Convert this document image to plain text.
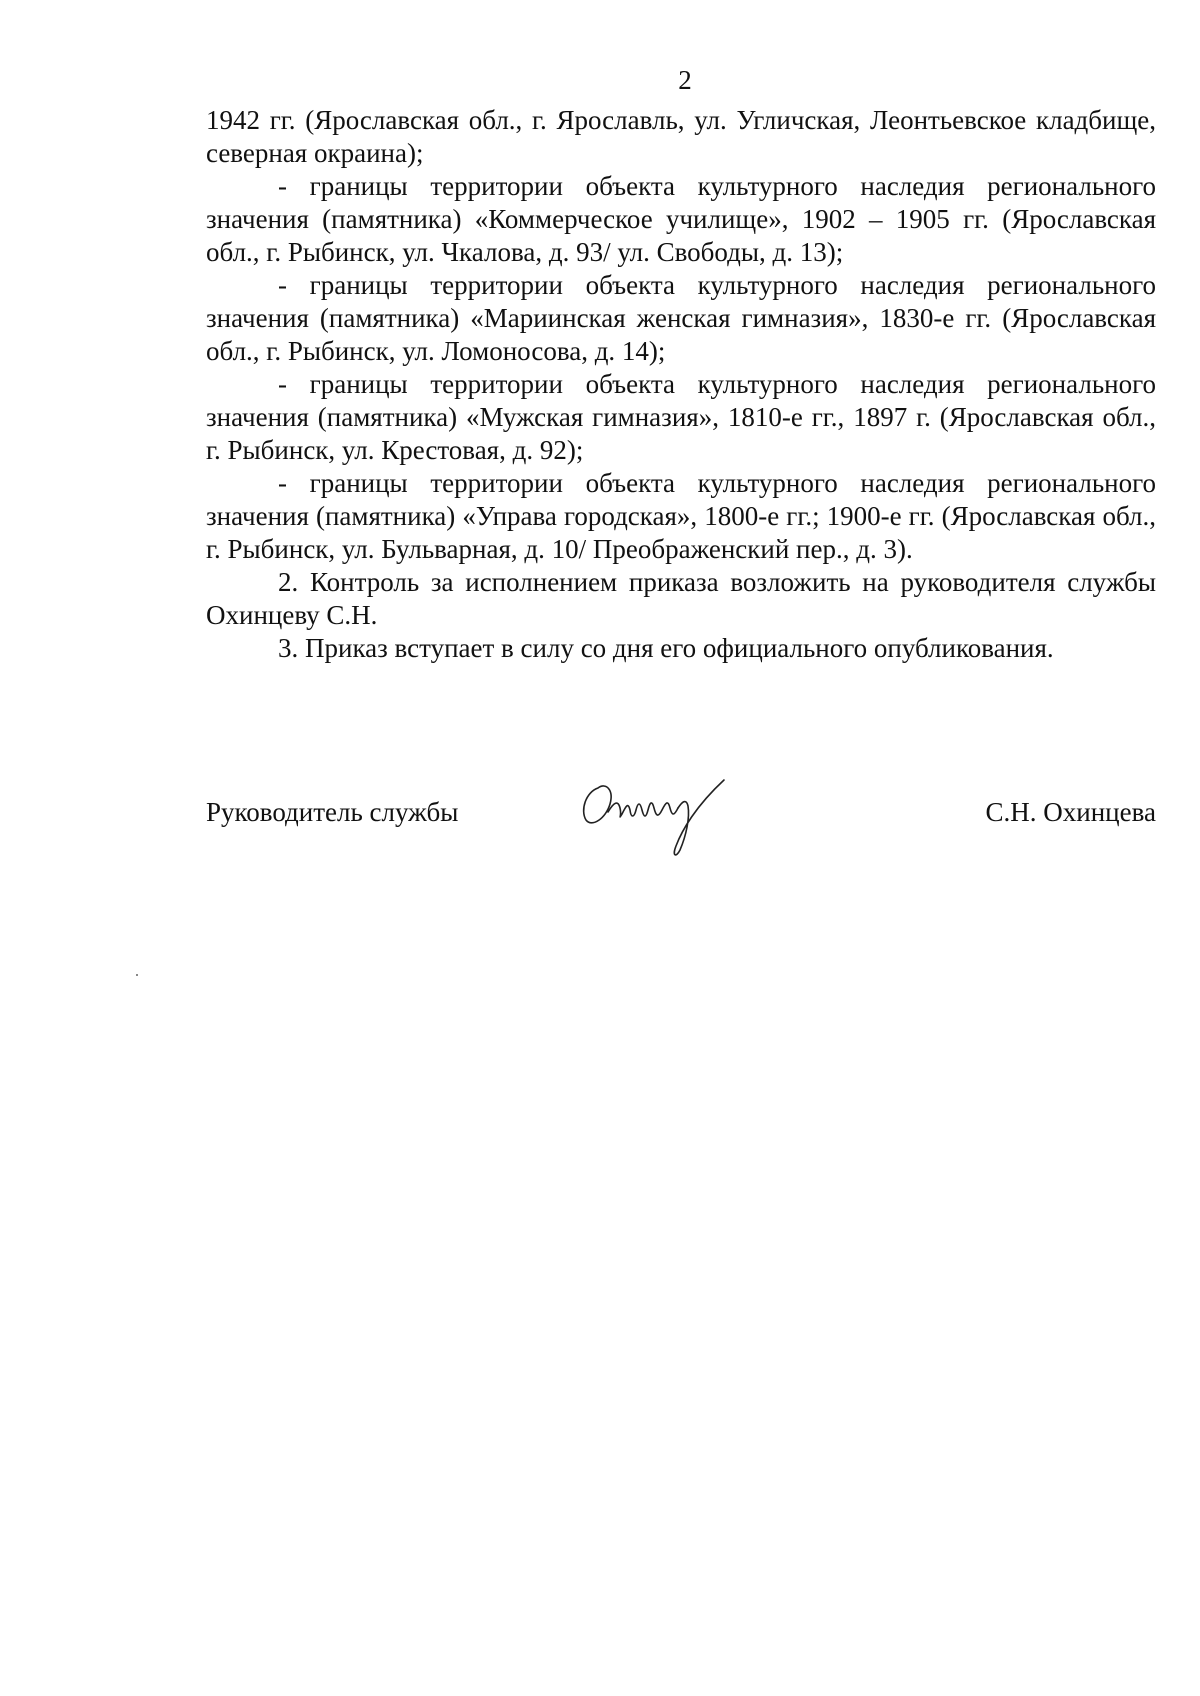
2

1942 гг. (Ярославская обл., г. Ярославль, ул. Угличская, Леонтьевское кладбище, северная окраина);

- границы территории объекта культурного наследия регионального значения (памятника) «Коммерческое училище», 1902 – 1905 гг. (Ярославская обл., г. Рыбинск, ул. Чкалова, д. 93/ ул. Свободы, д. 13);

- границы территории объекта культурного наследия регионального значения (памятника) «Мариинская женская гимназия», 1830-е гг. (Ярославская обл., г. Рыбинск, ул. Ломоносова, д. 14);

- границы территории объекта культурного наследия регионального значения (памятника) «Мужская гимназия», 1810-е гг., 1897 г. (Ярославская обл., г. Рыбинск, ул. Крестовая, д. 92);

- границы территории объекта культурного наследия регионального значения (памятника) «Управа городская», 1800-е гг.; 1900-е гг. (Ярославская обл., г. Рыбинск, ул. Бульварная, д. 10/ Преображенский пер., д. 3).

2. Контроль за исполнением приказа возложить на руководителя службы Охинцеву С.Н.

3. Приказ вступает в силу со дня его официального опубликования.

Руководитель службы	С.Н. Охинцева
